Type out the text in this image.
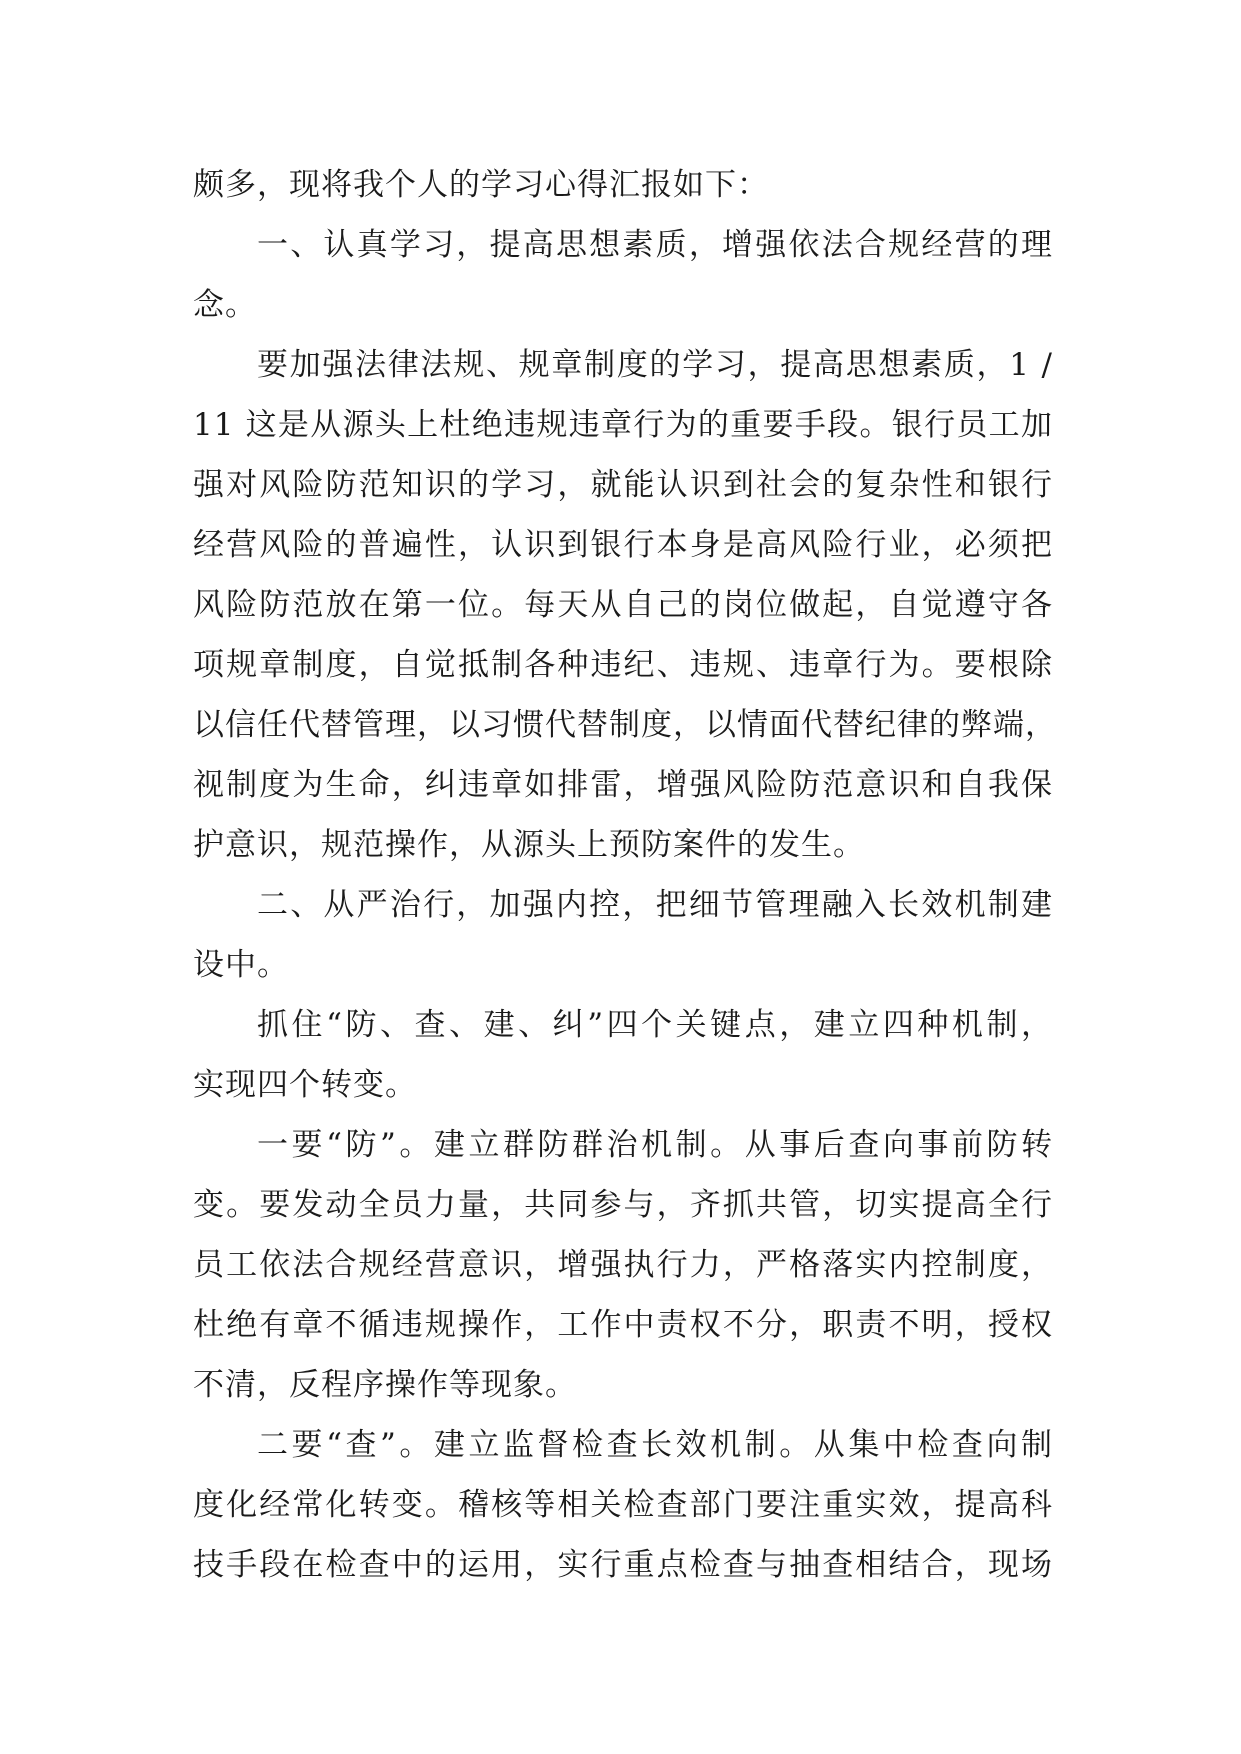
颇多，现将我个人的学习心得汇报如下：
一、认真学习，提高思想素质，增强依法合规经营的理
念。
要加强法律法规、规章制度的学习，提高思想素质，1 /
11 这是从源头上杜绝违规违章行为的重要手段。银行员工加
强对风险防范知识的学习，就能认识到社会的复杂性和银行
经营风险的普遍性，认识到银行本身是高风险行业，必须把
风险防范放在第一位。每天从自己的岗位做起，自觉遵守各
项规章制度，自觉抵制各种违纪、违规、违章行为。要根除
以信任代替管理，以习惯代替制度，以情面代替纪律的弊端，
视制度为生命，纠违章如排雷，增强风险防范意识和自我保
护意识，规范操作，从源头上预防案件的发生。
二、从严治行，加强内控，把细节管理融入长效机制建
设中。
抓住“防、查、建、纠”四个关键点，建立四种机制，
实现四个转变。
一要“防”。建立群防群治机制。从事后查向事前防转
变。要发动全员力量，共同参与，齐抓共管，切实提高全行
员工依法合规经营意识，增强执行力，严格落实内控制度，
杜绝有章不循违规操作，工作中责权不分，职责不明，授权
不清，反程序操作等现象。
二要“查”。建立监督检查长效机制。从集中检查向制
度化经常化转变。稽核等相关检查部门要注重实效，提高科
技手段在检查中的运用，实行重点检查与抽查相结合，现场
